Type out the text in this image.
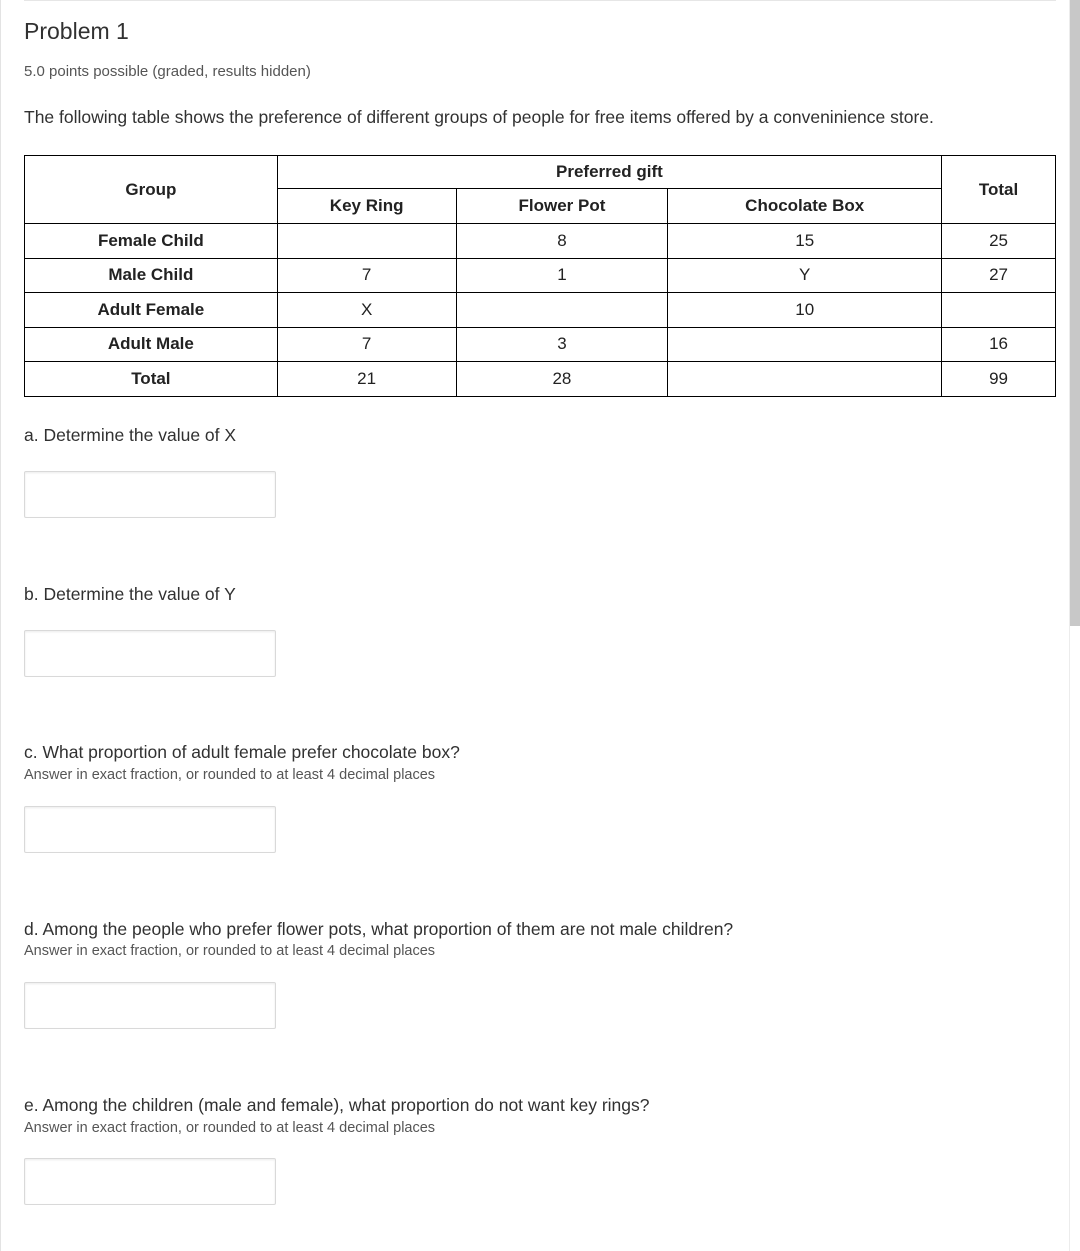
Problem 1
5.0 points possible (graded, results hidden)
The following table shows the preference of different groups of people for free items offered by a conveninience store.
Group	Preferred gift			Total
	Key Ring	Flower Pot	Chocolate Box	
Female Child		8	15	25
Male Child	7	1	Y	27
Adult Female	X		10	
Adult Male	7	3		16
Total	21	28		99
a. Determine the value of X
b. Determine the value of Y
c. What proportion of adult female prefer chocolate box?
Answer in exact fraction, or rounded to at least 4 decimal places
d. Among the people who prefer flower pots, what proportion of them are not male children?
Answer in exact fraction, or rounded to at least 4 decimal places
e. Among the children (male and female), what proportion do not want key rings?
Answer in exact fraction, or rounded to at least 4 decimal places
